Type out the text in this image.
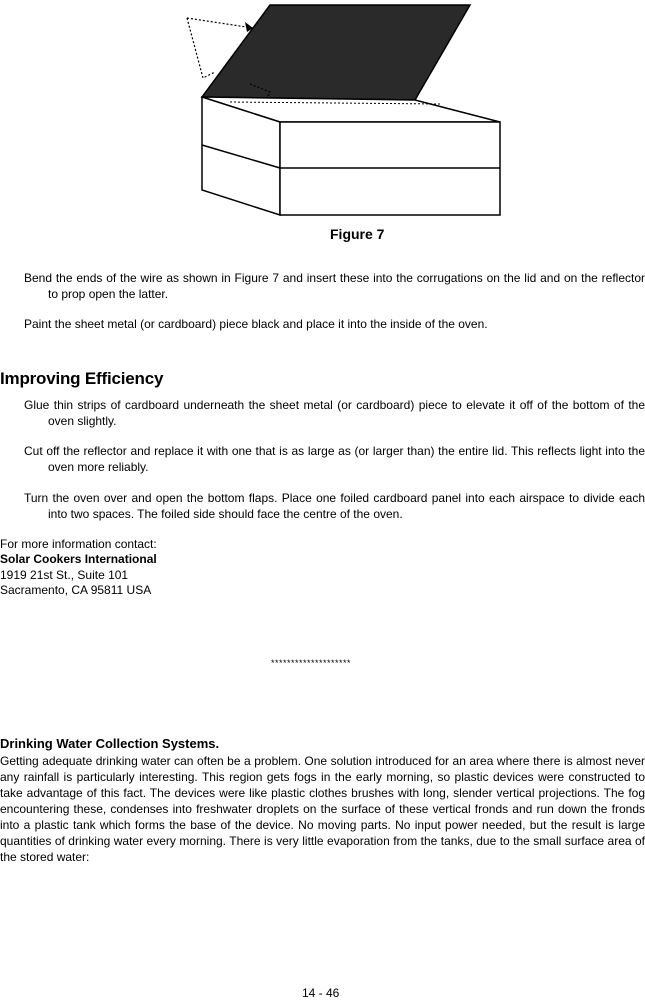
Figure 7
Bend the ends of the wire as shown in Figure 7 and insert these into the corrugations on the lid and on the reflector to prop open the latter.
Paint the sheet metal (or cardboard) piece black and place it into the inside of the oven.
Improving Efficiency
Glue thin strips of cardboard underneath the sheet metal (or cardboard) piece to elevate it off of the bottom of the oven slightly.
Cut off the reflector and replace it with one that is as large as (or larger than) the entire lid. This reflects light into the oven more reliably.
Turn the oven over and open the bottom flaps. Place one foiled cardboard panel into each airspace to divide each into two spaces. The foiled side should face the centre of the oven.
For more information contact:
Solar Cookers International
1919 21st St., Suite 101
Sacramento, CA 95811 USA
********************
Drinking Water Collection Systems.
Getting adequate drinking water can often be a problem. One solution introduced for an area where there is almost never any rainfall is particularly interesting. This region gets fogs in the early morning, so plastic devices were constructed to take advantage of this fact. The devices were like plastic clothes brushes with long, slender vertical projections. The fog encountering these, condenses into freshwater droplets on the surface of these vertical fronds and run down the fronds into a plastic tank which forms the base of the device. No moving parts. No input power needed, but the result is large quantities of drinking water every morning. There is very little evaporation from the tanks, due to the small surface area of the stored water:
14 - 46
